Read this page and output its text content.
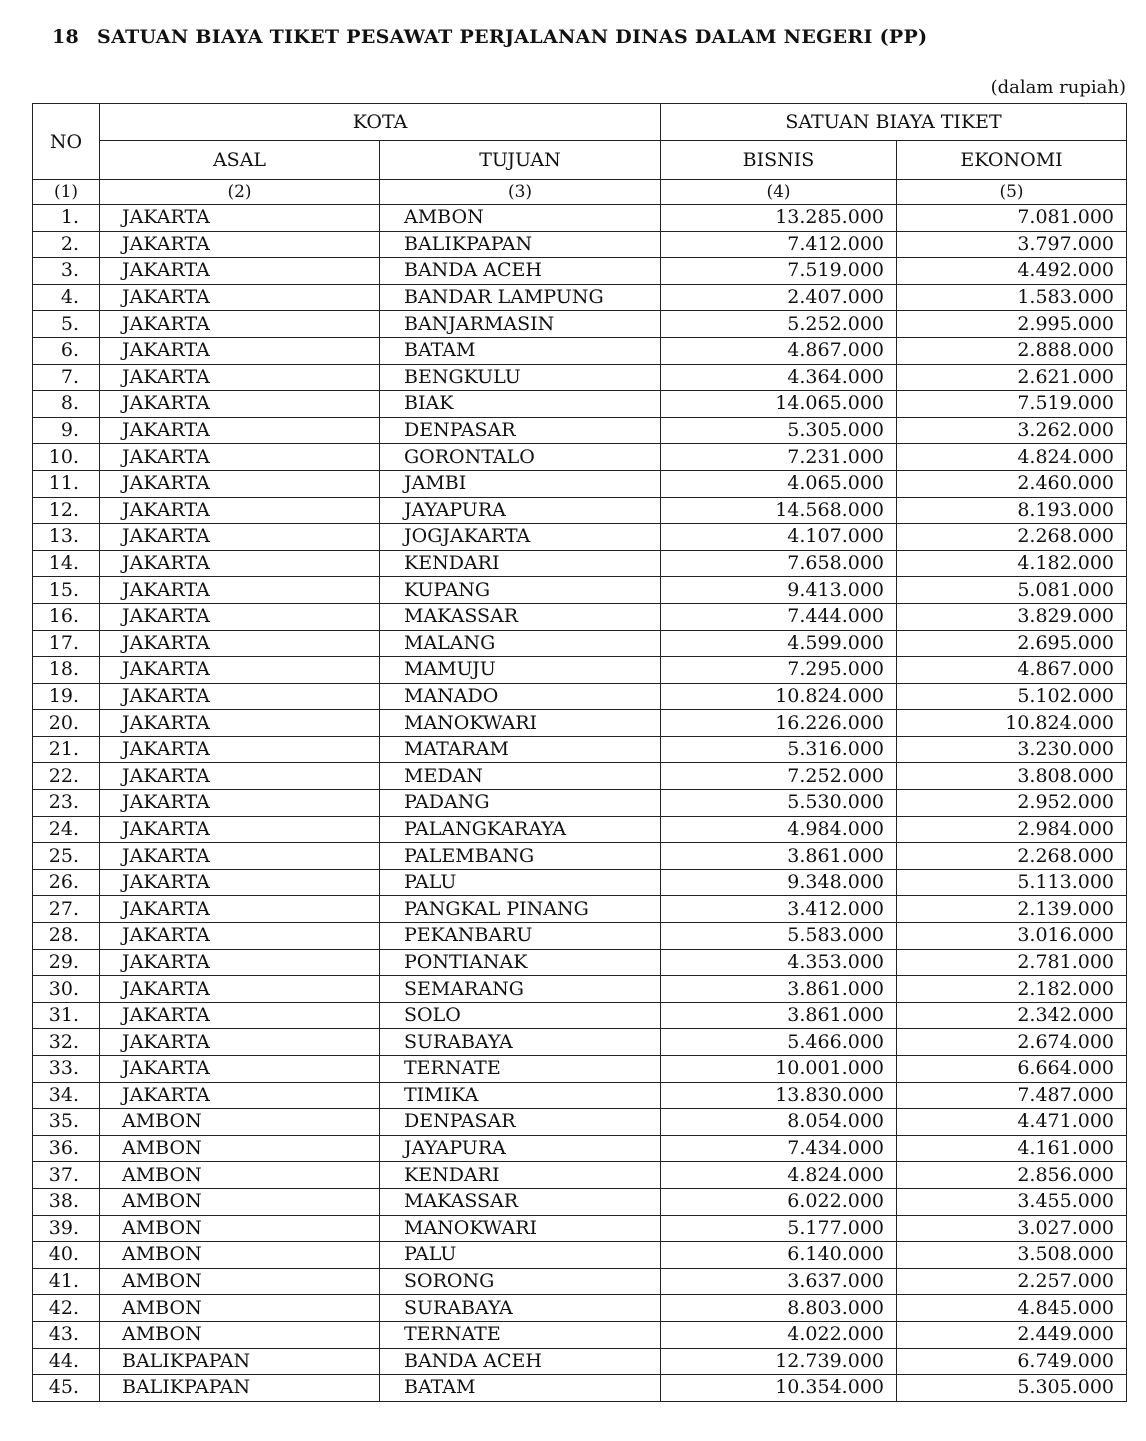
18 SATUAN BIAYA TIKET PESAWAT PERJALANAN DINAS DALAM NEGERI (PP)
(dalam rupiah)
NO	KOTA		SATUAN BIAYA TIKET	
	ASAL	TUJUAN	BISNIS	EKONOMI
(1)	(2)	(3)	(4)	(5)
1.	JAKARTA	AMBON	13.285.000	7.081.000
2.	JAKARTA	BALIKPAPAN	7.412.000	3.797.000
3.	JAKARTA	BANDA ACEH	7.519.000	4.492.000
4.	JAKARTA	BANDAR LAMPUNG	2.407.000	1.583.000
5.	JAKARTA	BANJARMASIN	5.252.000	2.995.000
6.	JAKARTA	BATAM	4.867.000	2.888.000
7.	JAKARTA	BENGKULU	4.364.000	2.621.000
8.	JAKARTA	BIAK	14.065.000	7.519.000
9.	JAKARTA	DENPASAR	5.305.000	3.262.000
10.	JAKARTA	GORONTALO	7.231.000	4.824.000
11.	JAKARTA	JAMBI	4.065.000	2.460.000
12.	JAKARTA	JAYAPURA	14.568.000	8.193.000
13.	JAKARTA	JOGJAKARTA	4.107.000	2.268.000
14.	JAKARTA	KENDARI	7.658.000	4.182.000
15.	JAKARTA	KUPANG	9.413.000	5.081.000
16.	JAKARTA	MAKASSAR	7.444.000	3.829.000
17.	JAKARTA	MALANG	4.599.000	2.695.000
18.	JAKARTA	MAMUJU	7.295.000	4.867.000
19.	JAKARTA	MANADO	10.824.000	5.102.000
20.	JAKARTA	MANOKWARI	16.226.000	10.824.000
21.	JAKARTA	MATARAM	5.316.000	3.230.000
22.	JAKARTA	MEDAN	7.252.000	3.808.000
23.	JAKARTA	PADANG	5.530.000	2.952.000
24.	JAKARTA	PALANGKARAYA	4.984.000	2.984.000
25.	JAKARTA	PALEMBANG	3.861.000	2.268.000
26.	JAKARTA	PALU	9.348.000	5.113.000
27.	JAKARTA	PANGKAL PINANG	3.412.000	2.139.000
28.	JAKARTA	PEKANBARU	5.583.000	3.016.000
29.	JAKARTA	PONTIANAK	4.353.000	2.781.000
30.	JAKARTA	SEMARANG	3.861.000	2.182.000
31.	JAKARTA	SOLO	3.861.000	2.342.000
32.	JAKARTA	SURABAYA	5.466.000	2.674.000
33.	JAKARTA	TERNATE	10.001.000	6.664.000
34.	JAKARTA	TIMIKA	13.830.000	7.487.000
35.	AMBON	DENPASAR	8.054.000	4.471.000
36.	AMBON	JAYAPURA	7.434.000	4.161.000
37.	AMBON	KENDARI	4.824.000	2.856.000
38.	AMBON	MAKASSAR	6.022.000	3.455.000
39.	AMBON	MANOKWARI	5.177.000	3.027.000
40.	AMBON	PALU	6.140.000	3.508.000
41.	AMBON	SORONG	3.637.000	2.257.000
42.	AMBON	SURABAYA	8.803.000	4.845.000
43.	AMBON	TERNATE	4.022.000	2.449.000
44.	BALIKPAPAN	BANDA ACEH	12.739.000	6.749.000
45.	BALIKPAPAN	BATAM	10.354.000	5.305.000
